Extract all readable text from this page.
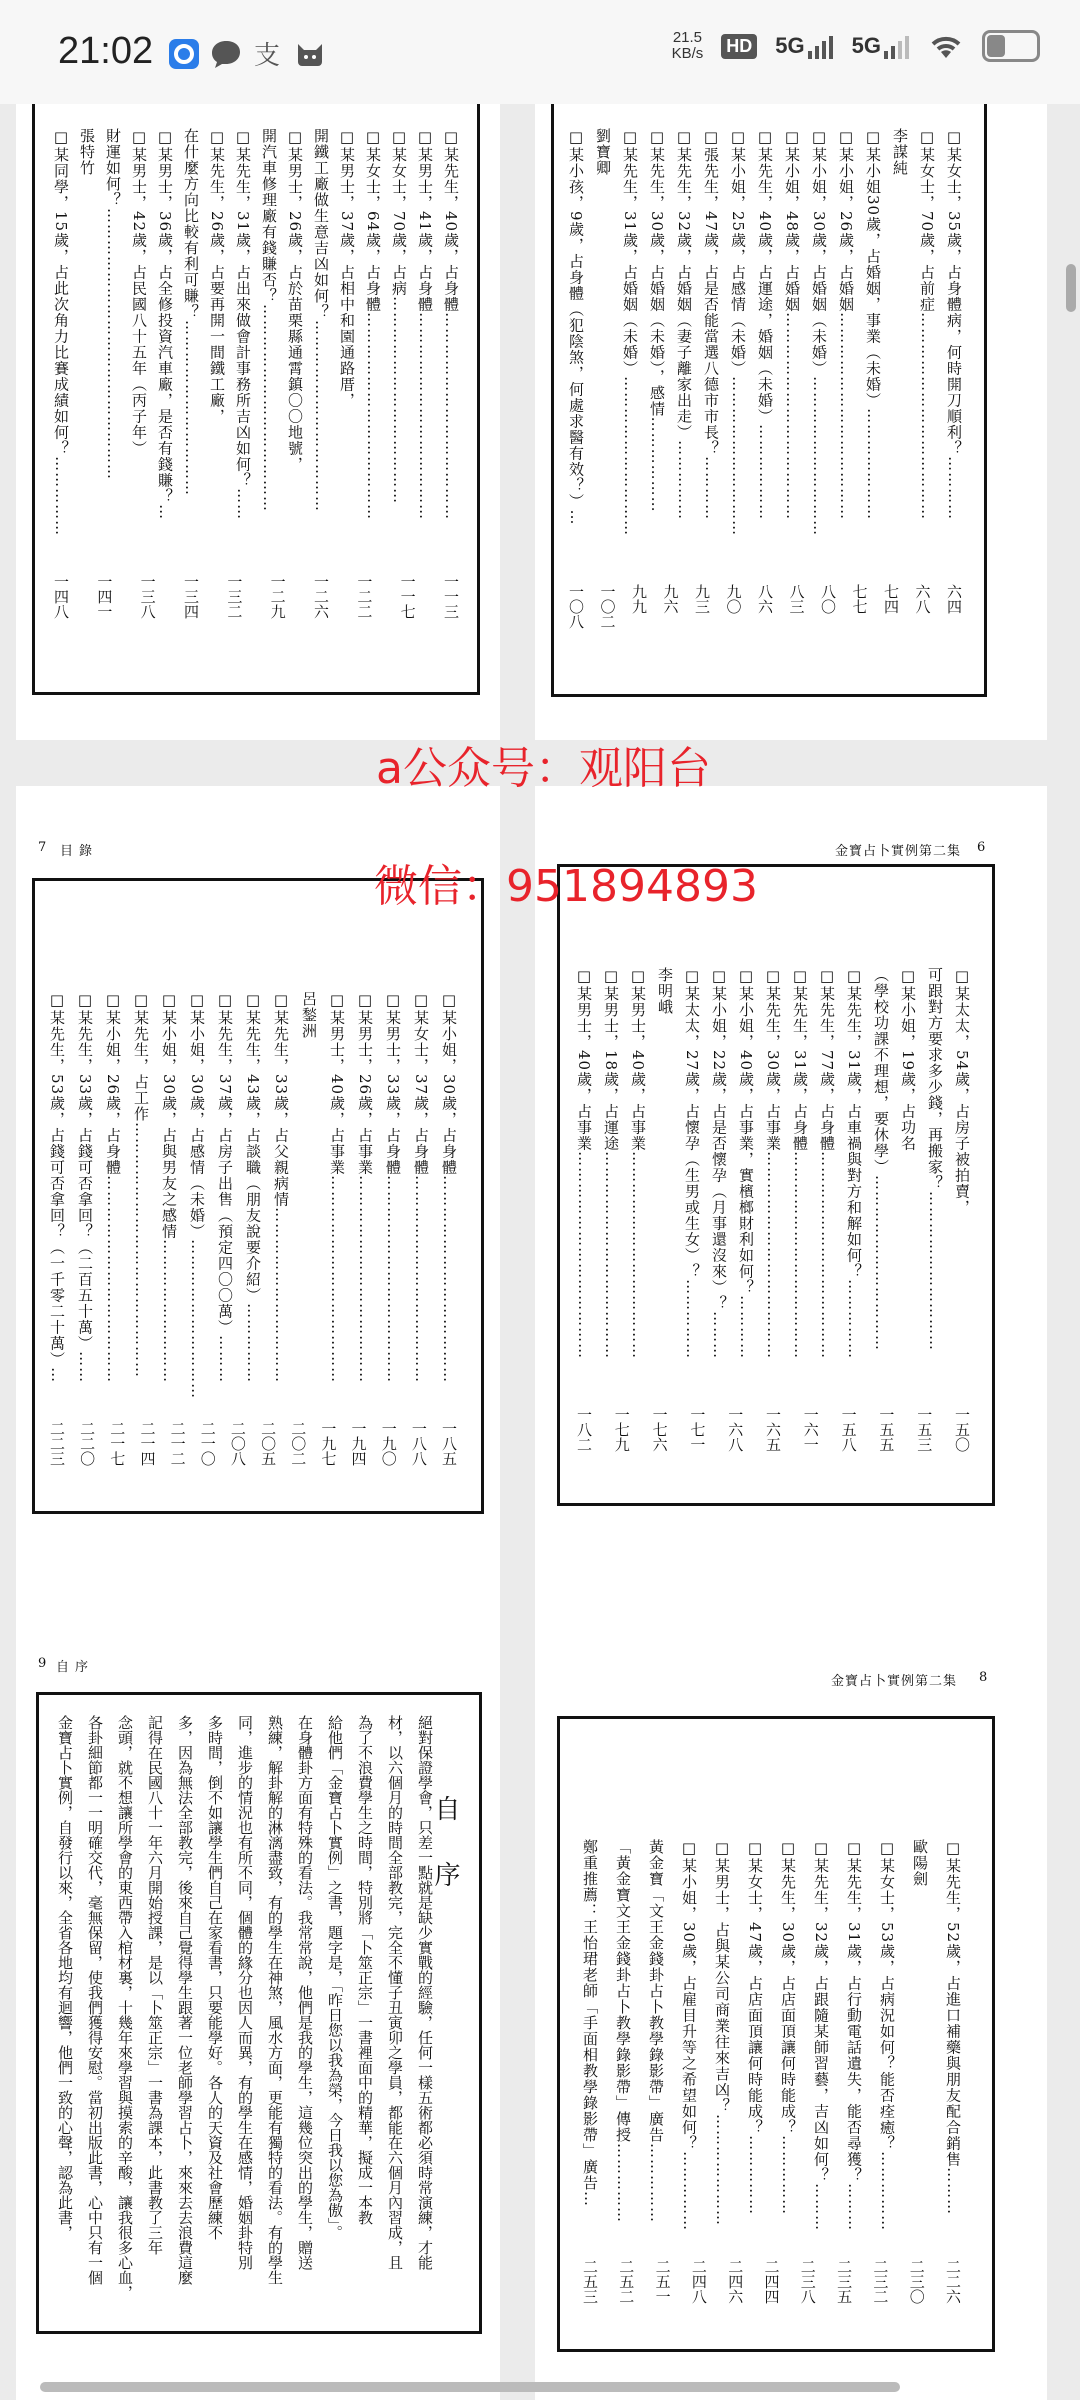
21:02	支
21.5
KB/s HD 5G 5G
□某同學，15歲，占此次角力比賽成績如何？…………… 張特竹 財運如何？…………………………………………… □某男士，42歲，占民國八十五年（丙子年） □某男士，36歲，占全修投資汽車廠，是否有錢賺？… 在什麼方向比較有利可賺？…………………………… □某先生，26歲，占要再開一間鐵工廠， □某先生，31歲，占出來做會計事務所吉凶如何？…… 開汽車修理廠有錢賺否？………………………………… □某男士，26歲，占於苗栗縣通霄鎮〇〇地號， 開鐵工廠做生意吉凶如何？……………………………… □某男士，37歲，占相中和園通路厝， □某女士，64歲，占身體………………………………… □某女士，70歲，占病………………………………… □某男士，41歲，占身體………………………………… □某先生，40歲，占身體…………………………………
一四八 一四一 一三八 一三四 一三二 一二九 一二六 一二二 一一七 一一三
□某小孩，9歲，占身體（犯陰煞，何處求醫有效？）… 劉寶卿 □某先生，31歲，占婚姻（未婚）………………………… □某先生，30歲，占婚姻（未婚），感情……………… □某先生，32歲，占婚姻（妻子離家出走）…………… □張先生，47歲，占是否能當選八德市市長？………… □某小姐，25歲，占感情（未婚）………………………… □某先生，40歲，占運途，婚姻（未婚）……………… □某小姐，48歲，占婚姻………………………………… □某小姐，30歲，占婚姻（未婚）………………………… □某小姐，26歲，占婚姻………………………………… □某小姐30歲，占婚姻，事業（未婚）………………… 李謀純 □某女士，70歲，占前症………………………………… □某女士，35歲，占身體病，何時開刀順利？…………
一〇八 一〇二 九九 九六 九三 九〇 八六 八三 八〇 七七 七四 六八 六四
7 目錄
□某先生，53歲，占錢可否拿回？（一千零二十萬）… □某先生，33歲，占錢可否拿回？（二百五十萬）…… □某小姐，26歲，占身體………………………………… □某先生，占工作………………………………………… □某小姐，30歲，占與男友之感情……………………… □某小姐，30歲，占感情（未婚）………………………… □某先生，37歲，占房子出售（預定四〇〇萬）……… □某先生，43歲，占談職（朋友說要介紹）…………… □某先生，33歲，占父親病情…………………………… 呂鍫洲 □某男士，40歲，占事業………………………………… □某男士，26歲，占事業………………………………… □某男士，33歲，占身體………………………………… □某女士，37歲，占身體………………………………… □某小姐，30歲，占身體…………………………………
二二三 二二〇 二一七 二一四 二一二 二一〇 二〇八 二〇五 二〇二 一九七 一九四 一九〇 一八八 一八五
金寶占卜實例第二集 6
□某男士，40歲，占事業………………………………… □某男士，18歲，占運途………………………………… □某男士，40歲，占事業………………………………… 李明峨 □某太太，27歲，占懷孕（生男或生女）？…………… □某小姐，22歲，占是否懷孕（月事還沒來）？……… □某小姐，40歲，占事業，實檳榔財利如何？………… □某先生，30歲，占事業………………………………… □某先生，31歲，占身體………………………………… □某先生，77歲，占身體………………………………… □某先生，31歲，占車禍與對方和解如何？…………… （學校功課不理想，要休學）…………………………… □某小姐，19歲，占功名 可跟對方要求多少錢，再搬家？………………………… □某太太，54歲，占房子被拍賣，
一八二 一七九 一七六 一七一 一六八 一六五 一六一 一五八 一五五 一五三 一五〇
9 自序
自序
金寶占卜實例，自發行以來，全省各地均有迴響，他們一致的心聲，認為此書， 各卦細節都一一明確交代，毫無保留，使我們獲得安慰。當初出版此書，心中只有一個 念頭，就不想讓所學會的東西帶入棺材裏，十幾年來學習與摸索的辛酸，讓我很多心血， 記得在民國八十一年六月開始授課，是以「卜筮正宗」一書為課本，此書教了三年 多，因為無法全部教完，後來自己覺得學生跟著一位老師學習占卜，來來去去浪費這麼 多時間，倒不如讓學生們自己在家看書，只要能學好。各人的天資及社會歷練不 同，進步的情況也有所不同，個體的緣分也因人而異，有的學生在感情，婚姻卦特別 熟練，解卦解的淋漓盡致，有的學生在神煞，風水方面，更能有獨特的看法。有的學生 在身體卦方面有特殊的看法。我常常說，他們是我的學生，這幾位突出的學生，贈送 給他們「金寶占卜實例」之書，題字是，「昨日您以我為榮，今日我以您為傲」。 為了不浪費學生之時間，特別將「卜筮正宗」一書裡面中的精華，擬成一本教 材，以六個月的時間全部教完，完全不懂子丑寅卯之學員，都能在六個月內習成，且 絕對保證學會，只差一點就是缺少實戰的經驗，任何一樣五術都必須時常演練，才能
金寶占卜實例第二集 8
鄭重推薦：王怡珺老師「手面相教學錄影帶」廣告… 「黃金寶文王金錢卦占卜教學錄影帶」傳授…………… 黃金寶「文王金錢卦占卜教學錄影帶」廣告…………… □某小姐，30歲，占雇目升等之希望如何？…………… □某男士，占與某公司商業往來吉凶？………………… □某女士，47歲，占店面頂讓何時能成？…………… □某先生，30歲，占店面頂讓何時能成？…………… □某先生，32歲，占跟隨某師習藝，吉凶如何？……… □某先生，31歲，占行動電話遺失，能否尋獲？……… □某女士，53歲，占病況如何？能否痊癒？…………… 歐陽劍 □某先生，52歲，占進口補藥與朋友配合銷售………
二五三 二五二 二五一 二四八 二四六 二四四 二三八 二三五 二三二 二三〇 二二六
a公众号：观阳台
微信：951894893
